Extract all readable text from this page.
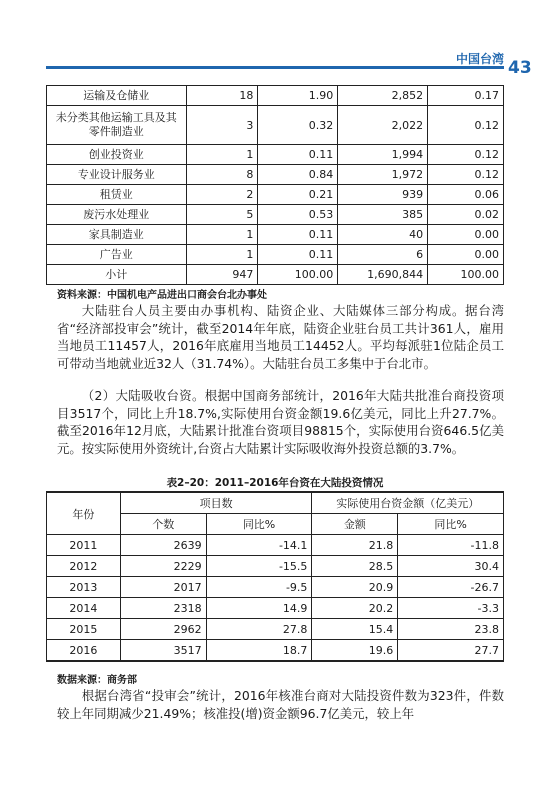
中国台湾 43
运输及仓储业	18	1.90	2,852	0.17
未分类其他运输工具及其零件制造业	3	0.32	2,022	0.12
创业投资业	1	0.11	1,994	0.12
专业设计服务业	8	0.84	1,972	0.12
租赁业	2	0.21	939	0.06
废污水处理业	5	0.53	385	0.02
家具制造业	1	0.11	40	0.00
广告业	1	0.11	6	0.00
小计	947	100.00	1,690,844	100.00
资料来源：中国机电产品进出口商会台北办事处

大陆驻台人员主要由办事机构、陆资企业、大陆媒体三部分构成。据台湾省“经济部投审会”统计，截至2014年年底，陆资企业驻台员工共计361人，雇用当地员工11457人，2016年底雇用当地员工14452人。平均每派驻1位陆企员工可带动当地就业近32人（31.74%）。大陆驻台员工多集中于台北市。

（2）大陆吸收台资。根据中国商务部统计，2016年大陆共批准台商投资项目3517个，同比上升18.7%,实际使用台资金额19.6亿美元，同比上升27.7%。截至2016年12月底，大陆累计批准台资项目98815个，实际使用台资646.5亿美元。按实际使用外资统计,台资占大陆累计实际吸收海外投资总额的3.7%。

表2–20：2011–2016年台资在大陆投资情况
年份	项目数		实际使用台资金额（亿美元）	
	个数	同比%	金额	同比%
2011	2639	-14.1	21.8	-11.8
2012	2229	-15.5	28.5	30.4
2013	2017	-9.5	20.9	-26.7
2014	2318	14.9	20.2	-3.3
2015	2962	27.8	15.4	23.8
2016	3517	18.7	19.6	27.7
数据来源：商务部

根据台湾省“投审会”统计，2016年核准台商对大陆投资件数为323件，件数较上年同期减少21.49%；核准投(增)资金额96.7亿美元，较上年
